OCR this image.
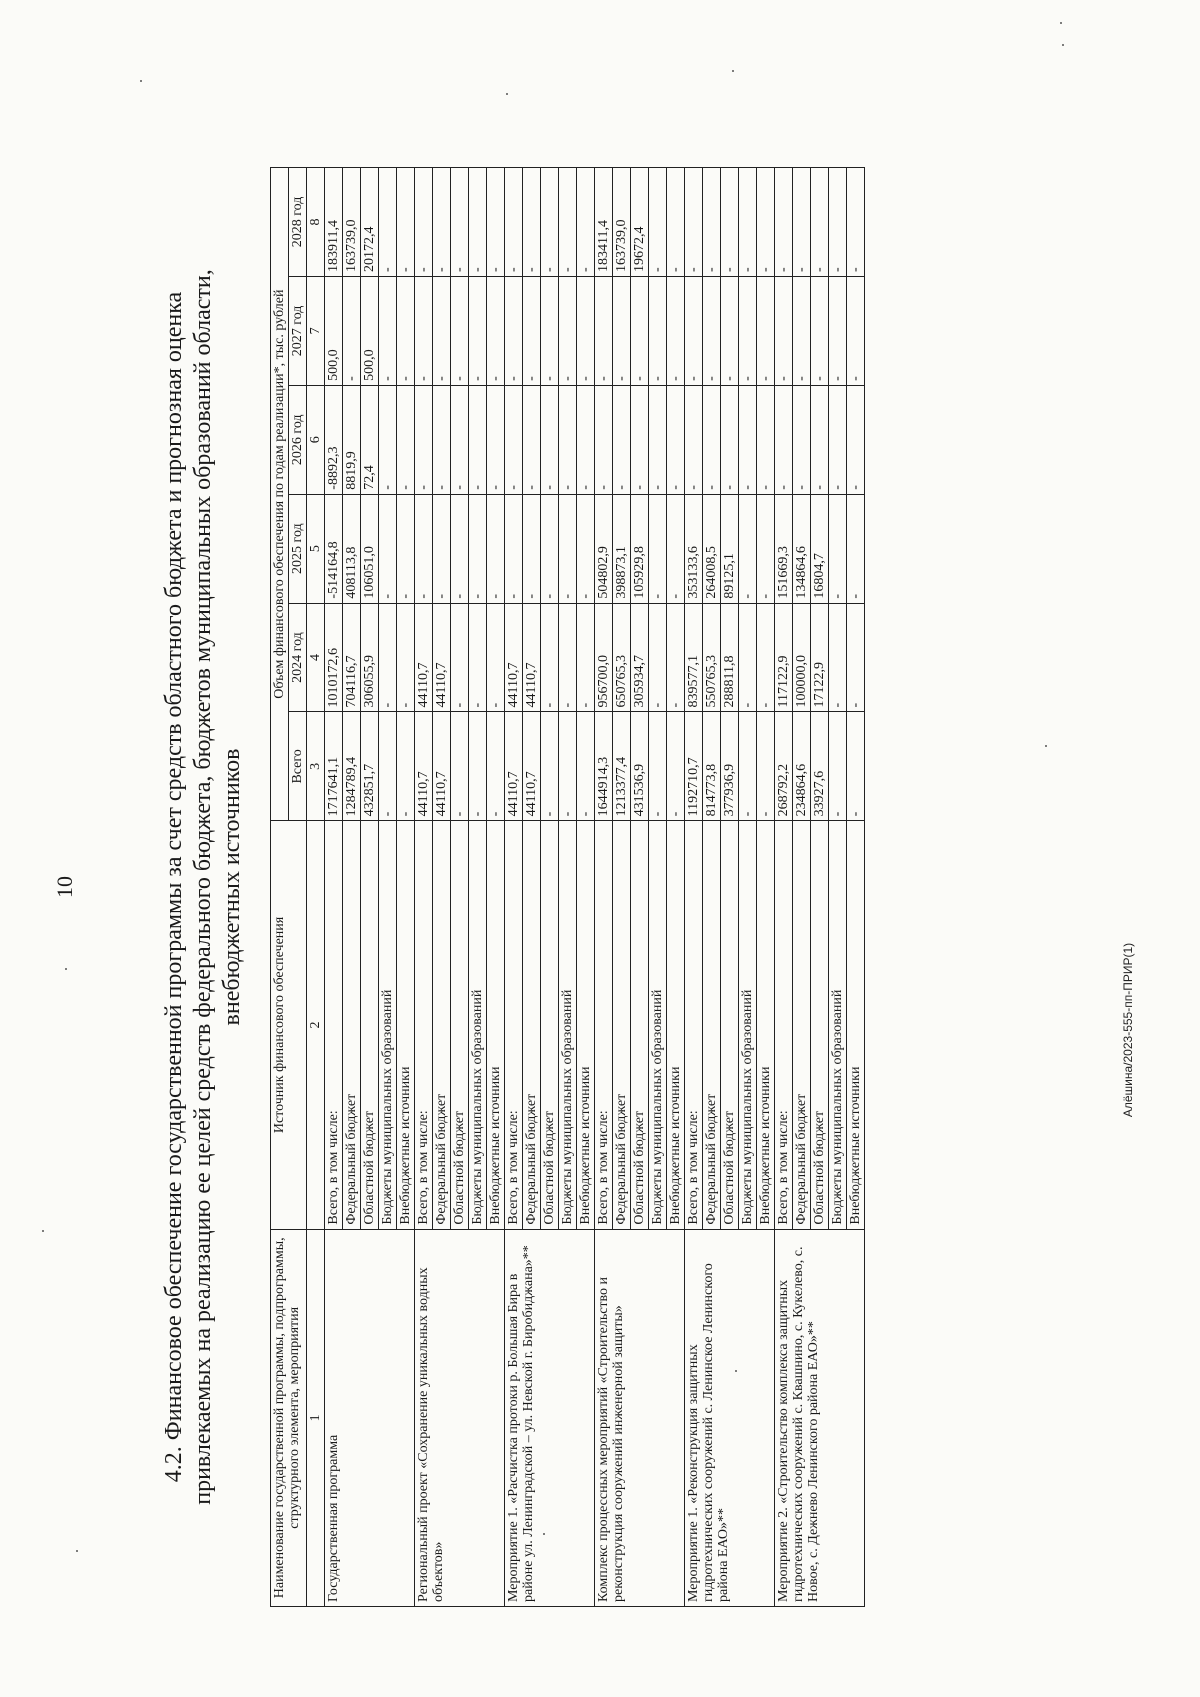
Алёшина/2023-555-пп-ПРИР(1)
10	4.2. Финансовое обеспечение государственной программы за счет средств областного бюджета и прогнозная оценка привлекаемых на реализацию ее целей средств федерального бюджета, бюджетов муниципальных образований области, внебюджетных источников
Наименование государственной программы, подпрограммы, структурного элемента, мероприятия	Источник финансового обеспечения	Объем финансового обеспечения по годам реализации*, тыс. рублей					
		Всего	2024 год	2025 год	2026 год	2027 год	2028 год
1	2	3	4	5	6	7	8
Государственная программа	Всего, в том числе:	1717641,1	1010172,6	-514164,8	-8892,3	500,0	183911,4
	Федеральный бюджет	1284789,4	704116,7	408113,8	8819,9	-	163739,0
	Областной бюджет	432851,7	306055,9	106051,0	72,4	500,0	20172,4
	Бюджеты муниципальных образований	-	-	-	-	-	-
	Внебюджетные источники	-	-	-	-	-	-
Региональный проект «Сохранение уникальных водных объектов»	Всего, в том числе:	44110,7	44110,7	-	-	-	-
	Федеральный бюджет	44110,7	44110,7	-	-	-	-
	Областной бюджет	-	-	-	-	-	-
	Бюджеты муниципальных образований	-	-	-	-	-	-
	Внебюджетные источники	-	-	-	-	-	-
Мероприятие 1. «Расчистка протоки р. Большая Бира в районе ул. Ленинградской – ул. Невской г. Биробиджана»**	Всего, в том числе:	44110,7	44110,7	-	-	-	-
	Федеральный бюджет	44110,7	44110,7	-	-	-	-
	Областной бюджет	-	-	-	-	-	-
	Бюджеты муниципальных образований	-	-	-	-	-	-
	Внебюджетные источники	-	-	-	-	-	-
Комплекс процессных мероприятий «Строительство и реконструкция сооружений инженерной защиты»	Всего, в том числе:	1644914,3	956700,0	504802,9	-	-	183411,4
	Федеральный бюджет	1213377,4	650765,3	398873,1	-	-	163739,0
	Областной бюджет	431536,9	305934,7	105929,8	-	-	19672,4
	Бюджеты муниципальных образований	-	-	-	-	-	-
	Внебюджетные источники	-	-	-	-	-	-
Мероприятие 1. «Реконструкция защитных гидротехнических сооружений с. Ленинское Ленинского района ЕАО»**	Всего, в том числе:	1192710,7	839577,1	353133,6	-	-	-
	Федеральный бюджет	814773,8	550765,3	264008,5	-	-	-
	Областной бюджет	377936,9	288811,8	89125,1	-	-	-
	Бюджеты муниципальных образований	-	-	-	-	-	-
	Внебюджетные источники	-	-	-	-	-	-
Мероприятие 2. «Строительство комплекса защитных гидротехнических сооружений с. Квашнино, с. Кукелево, с. Новое, с. Дежнево Ленинского района ЕАО»**	Всего, в том числе:	268792,2	117122,9	151669,3	-	-	-
	Федеральный бюджет	234864,6	100000,0	134864,6	-	-	-
	Областной бюджет	33927,6	17122,9	16804,7	-	-	-
	Бюджеты муниципальных образований	-	-	-	-	-	-
	Внебюджетные источники	-	-	-	-	-	-
